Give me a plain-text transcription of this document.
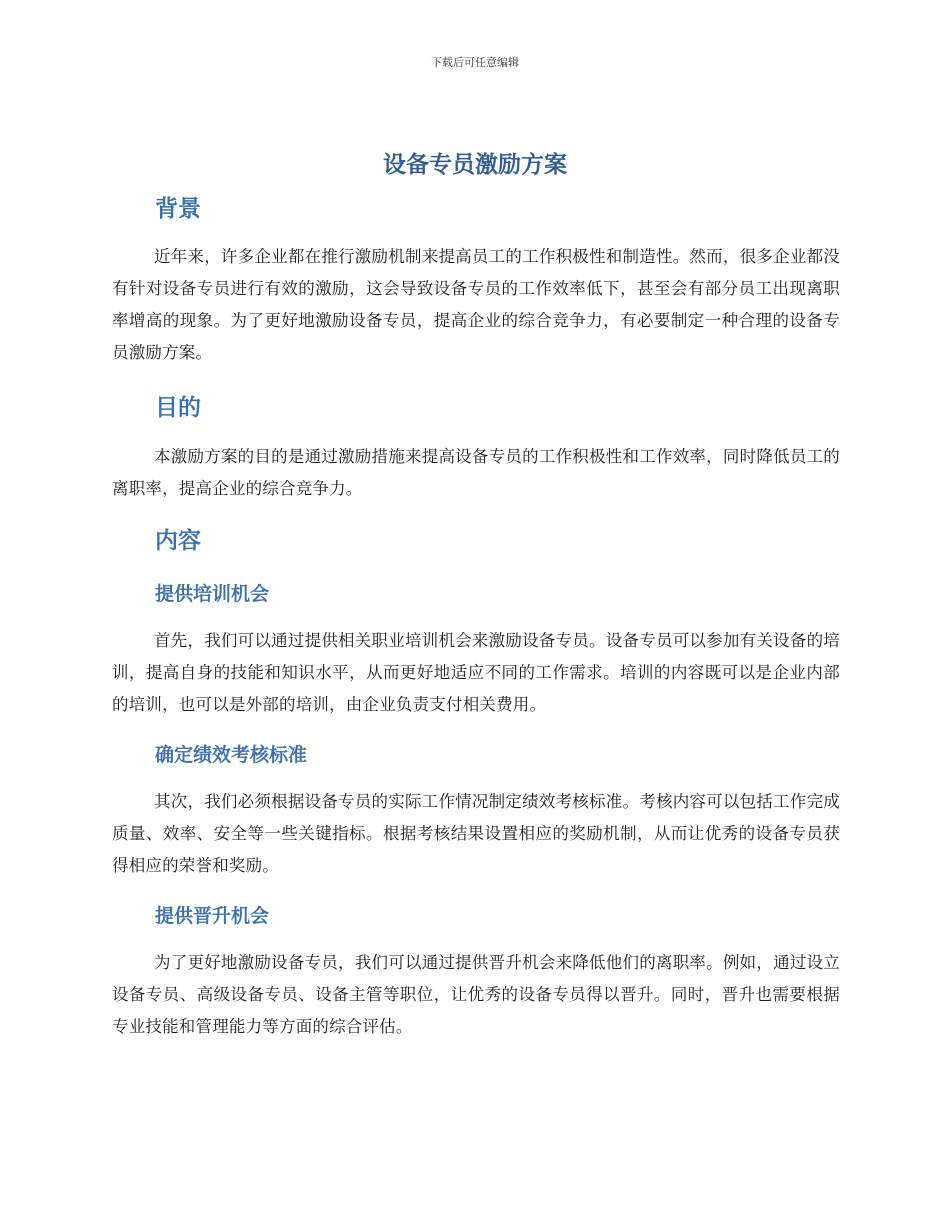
下载后可任意编辑
设备专员激励方案
背景

近年来，许多企业都在推行激励机制来提高员工的工作积极性和制造性。然而，很多企业都没有针对设备专员进行有效的激励，这会导致设备专员的工作效率低下，甚至会有部分员工出现离职率增高的现象。为了更好地激励设备专员，提高企业的综合竞争力，有必要制定一种合理的设备专员激励方案。

目的

本激励方案的目的是通过激励措施来提高设备专员的工作积极性和工作效率，同时降低员工的离职率，提高企业的综合竞争力。

内容
提供培训机会

首先，我们可以通过提供相关职业培训机会来激励设备专员。设备专员可以参加有关设备的培训，提高自身的技能和知识水平，从而更好地适应不同的工作需求。培训的内容既可以是企业内部的培训，也可以是外部的培训，由企业负责支付相关费用。

确定绩效考核标准

其次，我们必须根据设备专员的实际工作情况制定绩效考核标准。考核内容可以包括工作完成质量、效率、安全等一些关键指标。根据考核结果设置相应的奖励机制，从而让优秀的设备专员获得相应的荣誉和奖励。

提供晋升机会

为了更好地激励设备专员，我们可以通过提供晋升机会来降低他们的离职率。例如，通过设立设备专员、高级设备专员、设备主管等职位，让优秀的设备专员得以晋升。同时，晋升也需要根据专业技能和管理能力等方面的综合评估。
